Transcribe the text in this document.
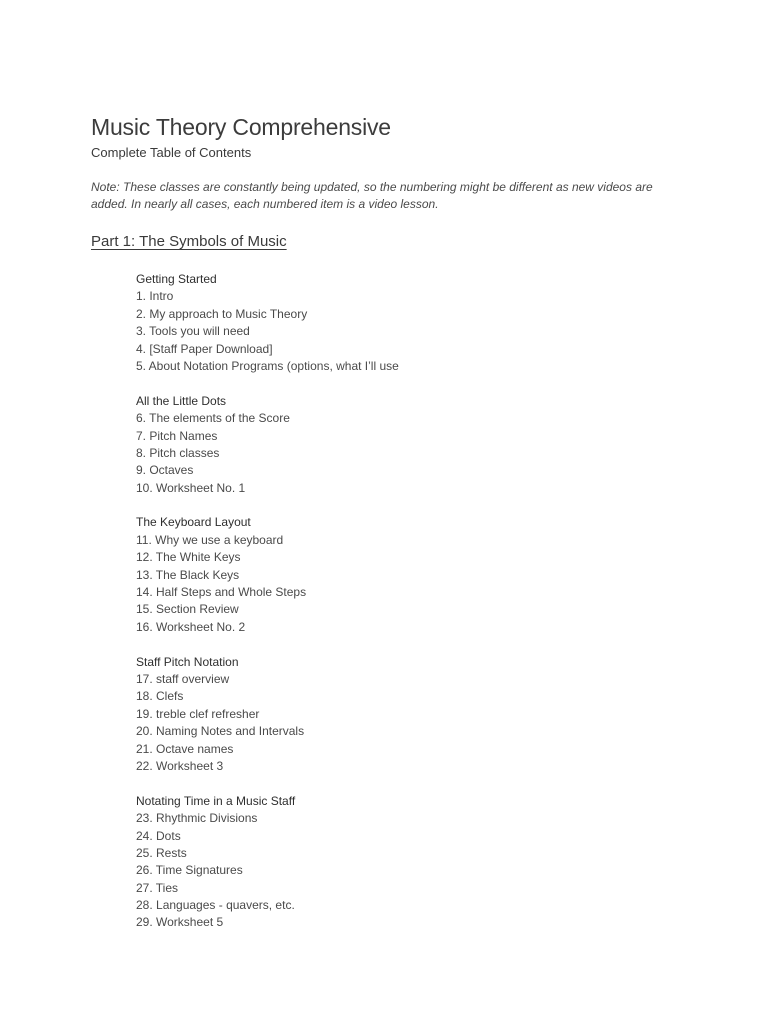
Music Theory Comprehensive
Complete Table of Contents
Note: These classes are constantly being updated, so the numbering might be different as new videos are added. In nearly all cases, each numbered item is a video lesson.
Part 1: The Symbols of Music
Getting Started
1. Intro
2. My approach to Music Theory
3. Tools you will need
4. [Staff Paper Download]
5. About Notation Programs (options, what I’ll use
All the Little Dots
6. The elements of the Score
7. Pitch Names
8. Pitch classes
9. Octaves
10. Worksheet No. 1
The Keyboard Layout
11. Why we use a keyboard
12. The White Keys
13. The Black Keys
14. Half Steps and Whole Steps
15. Section Review
16. Worksheet No. 2
Staff Pitch Notation
17. staff overview
18. Clefs
19. treble clef refresher
20. Naming Notes and Intervals
21. Octave names
22. Worksheet 3
Notating Time in a Music Staff
23. Rhythmic Divisions
24. Dots
25. Rests
26. Time Signatures
27. Ties
28. Languages - quavers, etc.
29. Worksheet 5
